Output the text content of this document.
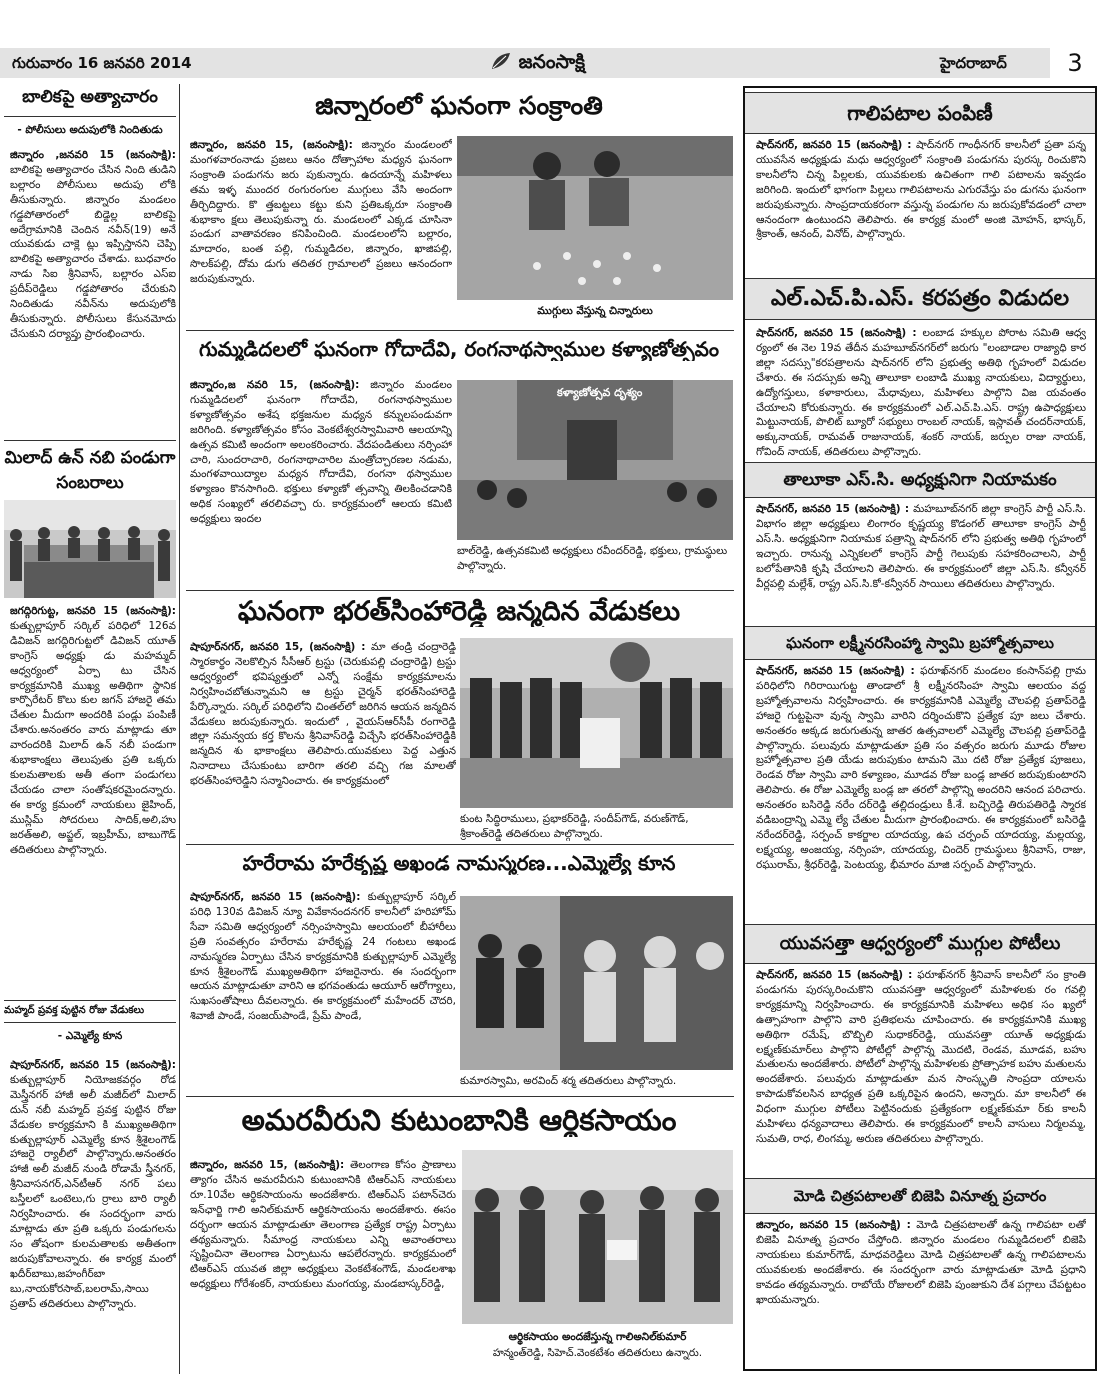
గురువారం 16 జనవరి 2014	జనంసాక్షి	హైదరాబాద్	3
బాలికపై అత్యాచారం
- పోలీసులు అదుపులోకి నిందితుడు
జిన్నారం ,జనవరి 15 (జనంసాక్షి): బాలికపై అత్యాచారం చేసిన నింది తుడిని బల్లారం పోలీసులు అదుపు లోకి తీసుకున్నారు. జిన్నారం మండలం గడ్డపోతారంలో బిడ్డెల్ల బాలికపై అదేగ్రామానికి చెందిన నవీన్(19) అనే యువకుడు చాక్లె ట్లు ఇప్పిస్తానని చెప్పి బాలికపై అత్యాచారం చేశాడు. బుధవారం నాడు సిఐ శ్రీనివాస్, బల్లారం ఎస్ఐ ప్రదీప్‌రెడ్డిలు గడ్డపోతారం చేరుకుని నిందితుడు నవీన్‌ను అదుపులోకి తీసుకున్నారు. పోలీసులు కేసునమోదు చేసుకుని దర్యాప్తు ప్రారంభించారు.
మిలాద్ ఉన్ నబి పండుగా సంబరాలు
జగద్గిరిగుట్ట, జనవరి 15 (జనంసాక్షి): కుత్బుల్లాపూర్ సర్కిల్ పరిధిలో 126వ డివిజన్ జగద్గిరిగుట్టలో డివిజన్ యూత్ కాంగ్రెస్ అధ్యక్షు డు మహమ్మద్ ఆధ్వర్యంలో ఏర్పా టు చేసిన కార్యక్రమానికి ముఖ్య అతిథిగా స్థానిక కార్పొరేటర్ కొలు కుల జగన్ హాజరై తమ చేతుల మీదుగా అందరికి పండ్లు పంపిణీ చేశారు.అనంతరం వారు మాట్లాడు తూ వారందరికి మిలాద్ ఉన్ నబీ పండుగా శుభాకాంక్షలు తెలుపుతు ప్రతి ఒక్కరు కులమతాలకు అతీ తంగా పండుగలు చేయడం చాలా సంతోషకరమైందన్నారు. ఈ కార్య క్రమంలో నాయకులు జైహింద్, ముస్లిమ్ సోదరులు సాదిక్,అలి,హు జరత్అలి, అప్జల్, ఇబ్రహీమ్, బాబుగౌడ్ తదితరులు పాల్గొన్నారు.
మహ్మద్ ప్రవక్త పుట్టిన రోజు వేడుకలు
- ఎమ్మెల్యే కూన
షాపూర్‌నగర్, జనవరి 15 (జనంసాక్షి): కుత్బుల్లాపూర్ నియోజకవర్గం రోడ మెస్త్రీనగర్ హాజీ అలీ మజీద్‌లో మిలాద్ దున్ నబీ మహ్మద్ ప్రవక్త పుట్టిన రోజు వేడుకల కార్యక్రమాని కి ముఖ్యఅతిథిగా కుత్బుల్లాపూర్ ఎమ్మెల్యే కూన శ్రీశైలంగౌడ్ హాజరై ర్యాలీలో పాల్గొన్నారు.అనంతరం హాజీ అలీ మజీద్ నుండి రోడామే స్త్రీనగర్, శ్రీనివాసనగర్,ఎన్‌టీఆర్ నగర్ పలు బస్తీలలో ఒంటెలు,గు ర్రాలు బారి ర్యాలీ నిర్వహించారు. ఈ సందర్భంగా వారు మాట్లాడు తూ ప్రతి ఒక్కరు పండుగలను సం తోషంగా కులమతాలకు అతీతంగా జరుపుకోవాలన్నారు. ఈ కార్యక్ర మంలో ఖదీర్‌బాబు,జహంగీర్‌బా బు,నాయకోరసాబ్,బలరామ్,సాయి ప్రతాప్ తదితరులు పాల్గొన్నారు.
జిన్నారంలో ఘనంగా సంక్రాంతి
జిన్నారం, జనవరి 15, (జనంసాక్షి): జిన్నారం మండలంలో మంగళవారంనాడు ప్రజలు ఆనం దోత్సాహాల మధ్యన ఘనంగా సంక్రాంతి పండుగను జరు పుకున్నారు. ఉదయాన్నే మహిళలు తమ ఇళ్ళ ముందర రంగురంగుల ముగ్గులు వేసి అందంగా తీర్చిదిద్దారు. కొ త్తబట్టలు కట్టు కుని ప్రతిఒక్కరూ సంక్రాంతి శుభాకాం క్షలు తెలుపుకున్నా రు. మండలంలో ఎక్కడ చూసినా పండుగ వాతావరణం కనిపించింది. మండలంలోని బల్లారం, మాదారం, బంత పల్లి, గుమ్మడిదల, జిన్నారం, ఖాజిపల్లి, సొలక్‌పల్లి, దోమ డుగు తదితర గ్రామాలలో ప్రజలు ఆనందంగా జరుపుకున్నారు.
ముగ్గులు వేస్తున్న చిన్నారులు
గుమ్మడిదలలో ఘనంగా గోదాదేవి, రంగనాథస్వాముల కళ్యాణోత్సవం
జిన్నారం,జ నవరి 15, (జనంసాక్షి): జిన్నారం మండలం గుమ్మడిదలలో ఘనంగా గోదాదేవి, రంగనాథస్వాముల కళ్యాణోత్సవం అశేష భక్తజనుల మధ్యన కన్నులపండువగా జరిగింది. కళ్యాణోత్సవం కోసం వెంకటేశ్వరస్వామివారి ఆలయాన్ని ఉత్సవ కమిటి అందంగా అలంకరించారు. వేదపండితులు నర్సింహా చారి, సుందరాచారి, రంగనాథాచారిల మంత్రోచ్చారణల నడుమ, మంగళవాయిద్యాల మధ్యన గోదాదేవి, రంగనా థస్వాముల కళ్యాణం కొనసాగింది. భక్తులు కళ్యాణో త్సవాన్ని తిలకించడానికి అధిక సంఖ్యలో తరలివచ్చా రు. కార్యక్రమంలో ఆలయ కమిటి అధ్యక్షులు ఇందల
కళ్యాణోత్సవ దృశ్యం
బాల్‌రెడ్డి, ఉత్సవకమిటి అధ్యక్షులు రవీందర్‌రెడ్డి, భక్తులు, గ్రామస్థులు పాల్గొన్నారు.
ఘనంగా భరత్‌సింహారెడ్డి జన్మదిన వేడుకలు
షాపూర్‌నగర్, జనవరి 15, (జనంసాక్షి) : మా తండ్రి చంద్రారెడ్డి స్మారకార్థం నెలకొల్పిన సీసీఆర్ ట్రస్టు (చెరుకుపల్లి చంద్రారెడ్డి) ట్రస్టు ఆధ్వర్యంలో భవిష్యత్తులో ఎన్నో సంక్షేమ కార్యక్రమాలను నిర్వహించబోతున్నామని ఆ ట్రస్టు చైర్మన్ భరత్‌సింహారెడ్డి పేర్కొన్నారు. సర్కిల్ పరిధిలోని చింతల్‌లో జరిగిన ఆయన జన్మదిన వేడుకలు జరుపుకున్నారు. ఇందులో , వైయస్ఆర్‌సీపీ రంగారెడ్డి జిల్లా సమన్వయ కర్త కొలను శ్రీనివాస్‌రెడ్డి విచ్చేసి భరత్‌సింహారెడ్డికి జన్మదిన శు భాకాంక్షలు తెలిపారు.యువకులు పెద్ద ఎత్తున నినాదాలు చేసుకుంటు బారిగా తరలి వచ్చి గజ మాలతో భరత్‌సింహారెడ్డిని సన్మానించారు. ఈ కార్యక్రమంలో
కుంట సిద్ధిరాములు, ప్రభాకర్‌రెడ్డి, సందీప్‌గౌడ్, వరుణ్‌గౌడ్, శ్రీకాంత్‌రెడ్డి తదితరులు పాల్గొన్నారు.
హరేరామ హరేకృష్ణ అఖండ నామస్మరణ...ఎమ్మెల్యే కూన
షాపూర్‌నగర్, జనవరి 15 (జనంసాక్షి): కుత్బుల్లాపూర్ సర్కిల్ పరిధి 130వ డివిజన్ న్యూ వివేకానందనగర్ కాలనీలో హరిహోమ్ సేవా సమితి ఆధ్వర్యంలో నర్సింహస్వామి ఆలయంలో బీహారీలు ప్రతి సంవత్సరం హరేరామ హరేకృష్ణ 24 గంటలు అఖండ నామస్మరణ ఏర్పాటు చేసిన కార్యక్రమానికి కుత్బుల్లాపూర్ ఎమ్మెల్యే కూన శ్రీశైలంగౌడ్ ముఖ్యఅతిథిగా హాజరైనారు. ఈ సందర్భంగా ఆయన మాట్లాడుతూ వారిని ఆ భగవంతుడు ఆయూర్ ఆరోగ్యాలు, సుఖసంతోషాలు దీవలన్నారు. ఈ కార్యక్రమంలో మహేందర్ చౌదరి, శివాజీ పాండే, సంజయ్‌పాండే, ప్రేమ్ పాండే,
కుమారస్వామి, అరవింద్ శర్మ తదితరులు పాల్గొన్నారు.
అమరవీరుని కుటుంబానికి ఆర్థికసాయం
జిన్నారం, జనవరి 15, (జనంసాక్షి): తెలంగాణ కోసం ప్రాణాలు త్యాగం చేసిన అమరవీరుని కుటుంబానికి టిఆర్ఎస్ నాయకులు రూ.10వేల ఆర్థికసాయంను అందజేశారు. టిఆర్ఎస్ పటాన్‌చెరు ఇన్‌ఛార్జి గాలి అనిల్‌కుమార్ ఆర్థికసాయంను అందజేశారు. ఈసం దర్భంగా ఆయన మాట్లాడుతూ తెలంగాణ ప్రత్యేక రాష్ట్ర ఏర్పాటు తథ్యమన్నారు. సీమాంధ్ర నాయకులు ఎన్ని అవాంతరాలు సృష్టించినా తెలంగాణ ఏర్పాటును ఆపలేరన్నారు. కార్యక్రమంలో టిఆర్ఎస్ యువత జిల్లా అధ్యక్షులు వెంకటేశంగౌడ్, మండలశాఖ అధ్యక్షులు గోరేశంకర్, నాయకులు మంగయ్య, మండబాస్కర్‌రెడ్డి,
ఆర్థికసాయం అందజేస్తున్న గాలిఅనిల్‌కుమార్
హన్మంత్‌రెడ్డి, సిహెచ్.వెంకటేశం తదితరులు ఉన్నారు.
గాలిపటాల పంపిణీ
షాద్‌నగర్, జనవరి 15 (జనంసాక్షి) : షాద్‌నగర్ గాంధీనగర్ కాలనీలో ప్రతా పన్న యువసేన అధ్యక్షుడు మధు ఆధ్వర్యంలో సంక్రాంతి పండుగను పురస్క రించుకొని కాలనీలోని చిన్న పిల్లలకు, యువకులకు ఉచితంగా గాలి పటాలను ఇవ్వడం జరిగింది. ఇందులో భాగంగా పిల్లలు గాలిపటాలను ఎగురవేస్తు పం డుగను ఘనంగా జరుపుకున్నారు. సాంప్రదాయకరంగా వస్తున్న పండుగల ను జరుపుకోవడంలో చాలా ఆనందంగా ఉంటుందని తెలిపారు. ఈ కార్యక్ర మంలో అంజి మోహన్, భాస్కర్, శ్రీకాంత్, ఆనంద్, వినోద్, పాల్గొన్నారు.
ఎల్.ఎచ్.పి.ఎస్. కరపత్రం విడుదల
షాద్‌నగర్, జనవరి 15 (జనంసాక్షి) : లంబాడ హక్కుల పోరాట సమితి ఆధ్వ ర్యంలో ఈ నెల 19వ తేదీన మహబూబ్‌నగర్‌లో జరుగు "లంబాడాల రాజ్యాధి కార జిల్లా సదస్సు"కరపత్రాలను షాద్‌నగర్ లోని ప్రభుత్వ అతిథి గృహంలో విడుదల చేశారు. ఈ సదస్సుకు అన్ని తాలూకా లంబాడి ముఖ్య నాయకులు, విద్యార్థులు, ఉద్యోగస్తులు, కళాకారులు, మేధావులు, మహిళలు పాల్గొని విజ యవంతం చేయాలని కోరుకున్నారు. ఈ కార్యక్రమంలో ఎల్.ఎచ్.పి.ఎస్. రాష్ట్ర ఉపాధ్యక్షులు మిట్టునాయక్, పొలిట్ బ్యూరో సభ్యులు రాంబల్ నాయక్, ఇస్లావత్ చందర్‌నాయక్, అక్కునాయక్, రామవత్ రాజునాయక్, శంకర్ నాయక్, జర్పుల రాజు నాయక్, గోవింద్ నాయక్, తదితరులు పాల్గొన్నారు.
తాలూకా ఎస్.సి. అధ్యక్షునిగా నియామకం
షాద్‌నగర్, జనవరి 15 (జనంసాక్షి) : మహబూబ్‌నగర్ జిల్లా కాంగ్రెస్ పార్టీ ఎస్.సి. విభాగం జిల్లా అధ్యక్షులు లింగారం కృష్ణయ్య కొడంగల్ తాలూకా కాంగ్రెస్ పార్టీ ఎస్.సి. అధ్యక్షునిగా నియామక పత్రాన్ని షాద్‌నగర్ లోని ప్రభుత్వ అతిథి గృహంలో ఇచ్చారు. రానున్న ఎన్నికలలో కాంగ్రెస్ పార్టీ గెలుపుకు సహకరించాలని, పార్టీ బలోపేతానికి కృషి చేయాలని తెలిపారు. ఈ కార్యక్రమంలో జిల్లా ఎస్.సి. కన్వీనర్ వీర్లపల్లి మల్లేశ్, రాష్ట్ర ఎస్.సి.కో-కన్వీనర్ సాయిలు తదితరులు పాల్గొన్నారు.
ఘనంగా లక్ష్మీనరసింహ్మా స్వామి బ్రహ్మోత్సవాలు
షాద్‌నగర్, జనవరి 15 (జనంసాక్షి) : ఫరూఖ్‌నగర్ మండలం కంసాన్‌పల్లి గ్రామ పరిధిలోని గిరిరాయిగుట్ట తాండాలో శ్రీ లక్ష్మీనరసింహ స్వామి ఆలయం వద్ద బ్రహ్మోత్సవాలను నిర్వహించారు. ఈ కార్యక్రమానికి ఎమ్మెల్యే చౌలపల్లి ప్రతాప్‌రెడ్డి హాజరై గుట్టపైనా వున్న స్వామి వారిని దర్శించుకొని ప్రత్యేక పూ జలు చేశారు. అనంతరం అక్కడ జరుగుతున్న జాతర ఉత్సవాలలో ఎమ్మెల్యే చౌలపల్లి ప్రతాప్‌రెడ్డి పాల్గొన్నారు. పలువురు మాట్లాడుతూ ప్రతి సం వత్సరం జరుగు మూడు రోజుల బ్రహ్మోత్సవాల ప్రతి యేడు జరుపుకుం టామని మొ దటి రోజు ప్రత్యేక పూజలు, రెండవ రోజు స్వామి వారి కళ్యాణం, మూడవ రోజు బండ్ల జాతర జరుపుకుంటారని తెలిపారు. ఈ రోజు ఎమ్మెల్యే బండ్ల జా తరలో పాల్గొన్ని అందరిని ఆనంద పరిచారు. అనంతరం బసిరెడ్డి నరేం దర్‌రెడ్డి తల్లిదండ్రులు కీ.శే. బచ్చిరెడ్డి తిరుపతిరెడ్డి స్మారక వడిబంద్రాన్ని ఎమ్మె ల్యే చేతుల మీదుగా ప్రారంభించారు. ఈ కార్యక్రమంలో బసిరెడ్డి నరేందర్‌రెడ్డి, సర్పంచ్ కాకర్జాల యాదయ్య, ఉప చర్పంచ్ యాదయ్య, మల్లయ్య, లక్ష్మయ్య, అంజయ్య, నర్సింహ, యాదయ్య, చిందెర్ గ్రామస్థులు శ్రీనివాస్, రాజు, రఘురామ్, శ్రీధర్‌రెడ్డి, పెంటయ్య, భీమారం మాజి సర్పంచ్ పాల్గొన్నారు.
యువసత్తా ఆధ్వర్యంలో ముగ్గుల పోటీలు
షాద్‌నగర్, జనవరి 15 (జనంసాక్షి) : ఫరూఖ్‌నగర్ శ్రీనివాస్ కాలనీలో సం క్రాంతి పండుగను పురస్కరించుకొని యువసత్తా ఆధ్వర్యంలో మహిళలకు రం గవల్లి కార్యక్రమాన్ని నిర్వహించారు. ఈ కార్యక్రమానికి మహిళలు అధిక సం ఖ్యలో ఉత్సాహంగా పాల్గొని వారి ప్రతిభలను చూపించారు. ఈ కార్యక్రమానికి ముఖ్య అతిథిగా రమేష్, బొబ్బిలి సుధాకర్‌రెడ్డి, యువసత్తా యూత్ అధ్యక్షుడు లక్ష్మణ్‌కుమార్‌లు పాల్గొని పోటీల్లో పాల్గొన్న మొదటి, రెండవ, మూడవ, బహు మతులను అందజేశారు. పోటీలో పాల్గొన్న మహిళలకు ప్రోత్సాహక బహు మతులను అందజేశారు. పలువురు మాట్లాడుతూ మన సాంస్కృతి సాంప్రదా యాలను కాపాడుకోవలసిన బాధ్యత ప్రతి ఒక్కరిపైన ఉందని, అన్నారు. మా కాలనీలో ఈ విధంగా ముగ్గుల పోటీలు పెట్టినందుకు ప్రత్యేకంగా లక్ష్మణ్‌కుమా ర్‌కు కాలనీ మహిళలు ధన్యవాదాలు తెలిపారు. ఈ కార్యక్రమంలో కాలనీ వాసులు నిర్మలమ్మ, సుమతి, రాధ, లింగమ్మ, అరుణ తదితరులు పాల్గొన్నారు.
మోడి చిత్రపటాలతో బిజెపి వినూత్న ప్రచారం
జిన్నారం, జనవరి 15 (జనంసాక్షి) : మోడి చిత్రపటాలతో ఉన్న గాలిపటా లతో బిజెపి వినూత్న ప్రచారం చేస్తోంది. జిన్నారం మండలం గుమ్మడిదలలో బిజెపి నాయకులు కుమార్‌గౌడ్, మాధవరెడ్డిలు మోడి చిత్రపటాలతో ఉన్న గాలిపటాలను యువకులకు అందజేశారు. ఈ సందర్భంగా వారు మాట్లాడుతూ మోడి ప్రధాని కావడం తథ్యమన్నారు. రాబోయే రోజులలో బిజెపి పుంజుకుని దేశ పగ్గాలు చేపట్టటం ఖాయమన్నారు.
